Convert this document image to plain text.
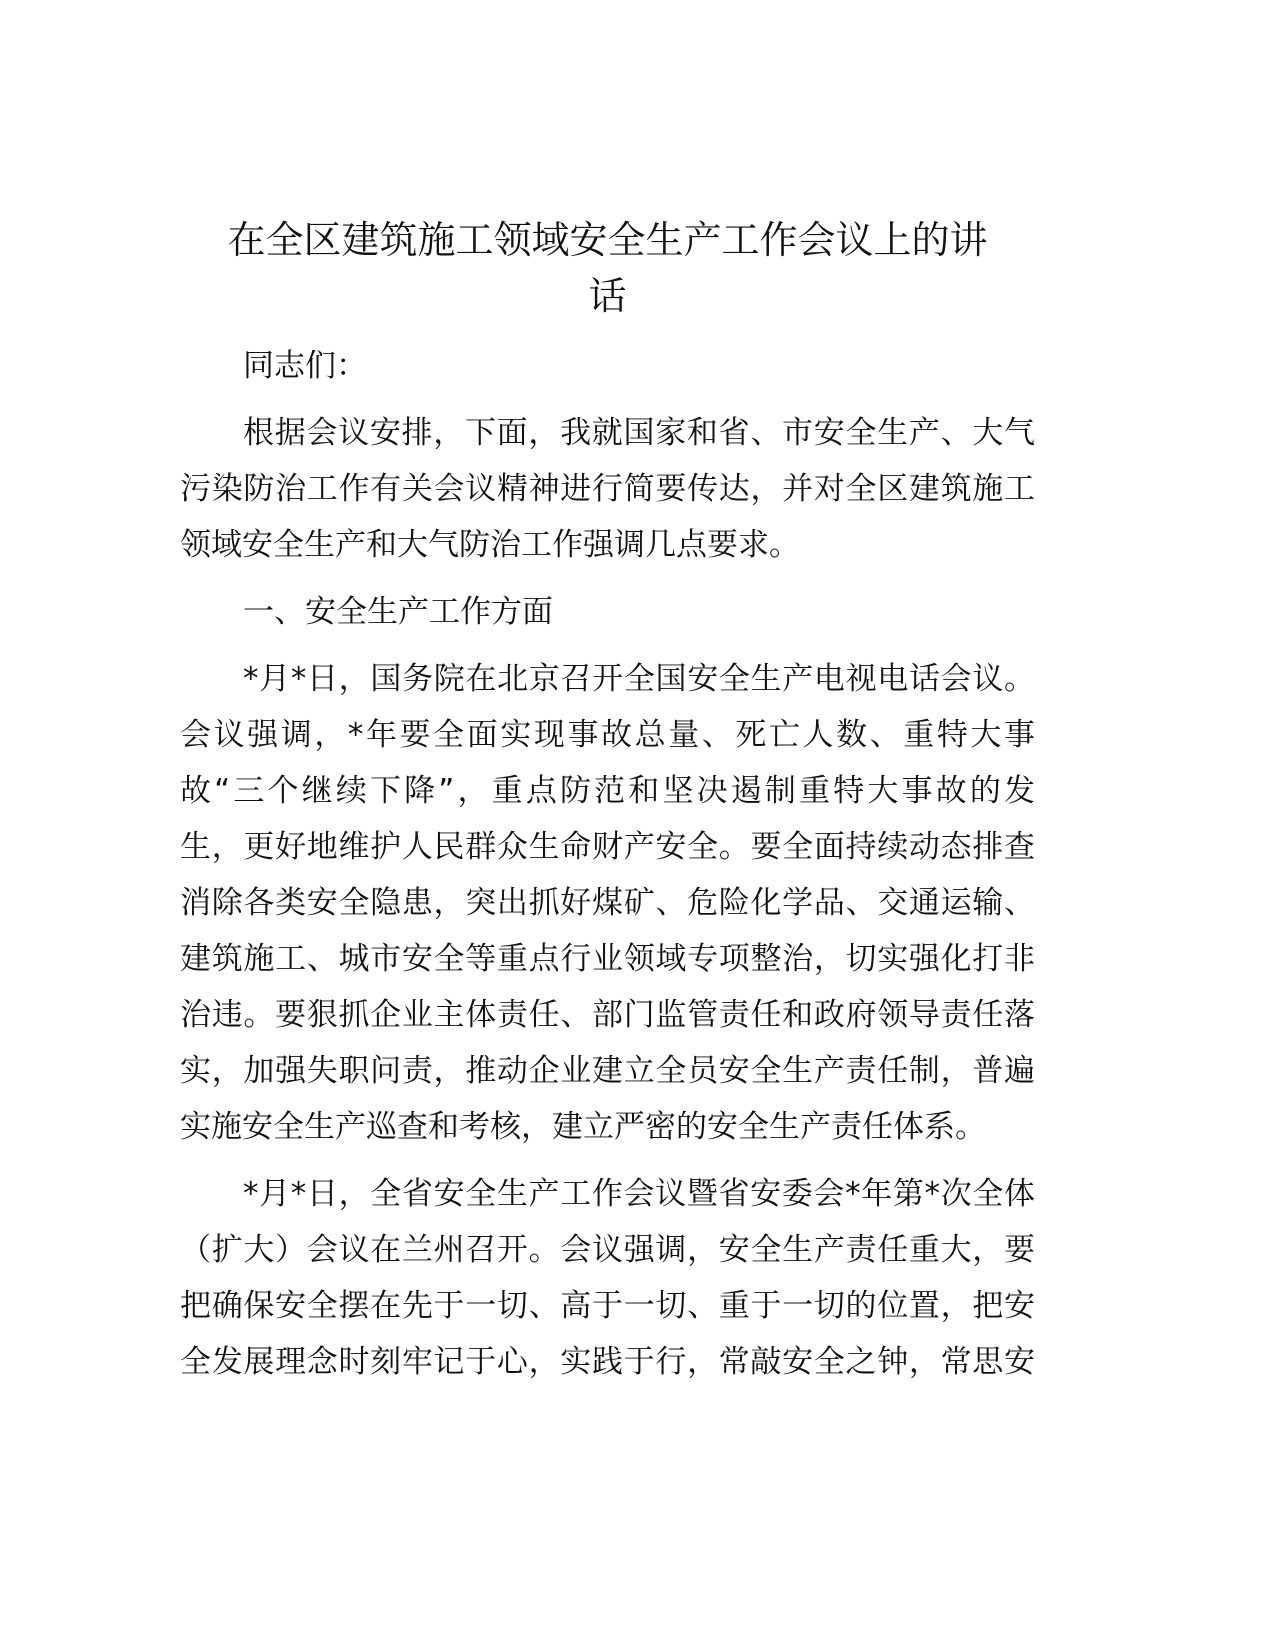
在全区建筑施工领域安全生产工作会议上的讲
话
同志们：
根据会议安排，下面，我就国家和省、市安全生产、大气
污染防治工作有关会议精神进行简要传达，并对全区建筑施工
领域安全生产和大气防治工作强调几点要求。
一、安全生产工作方面
*月*日，国务院在北京召开全国安全生产电视电话会议。
会议强调，*年要全面实现事故总量、死亡人数、重特大事
故“三个继续下降”，重点防范和坚决遏制重特大事故的发
生，更好地维护人民群众生命财产安全。要全面持续动态排查
消除各类安全隐患，突出抓好煤矿、危险化学品、交通运输、
建筑施工、城市安全等重点行业领域专项整治，切实强化打非
治违。要狠抓企业主体责任、部门监管责任和政府领导责任落
实，加强失职问责，推动企业建立全员安全生产责任制，普遍
实施安全生产巡查和考核，建立严密的安全生产责任体系。
*月*日，全省安全生产工作会议暨省安委会*年第*次全体
（扩大）会议在兰州召开。会议强调，安全生产责任重大，要
把确保安全摆在先于一切、高于一切、重于一切的位置，把安
全发展理念时刻牢记于心，实践于行，常敲安全之钟，常思安
